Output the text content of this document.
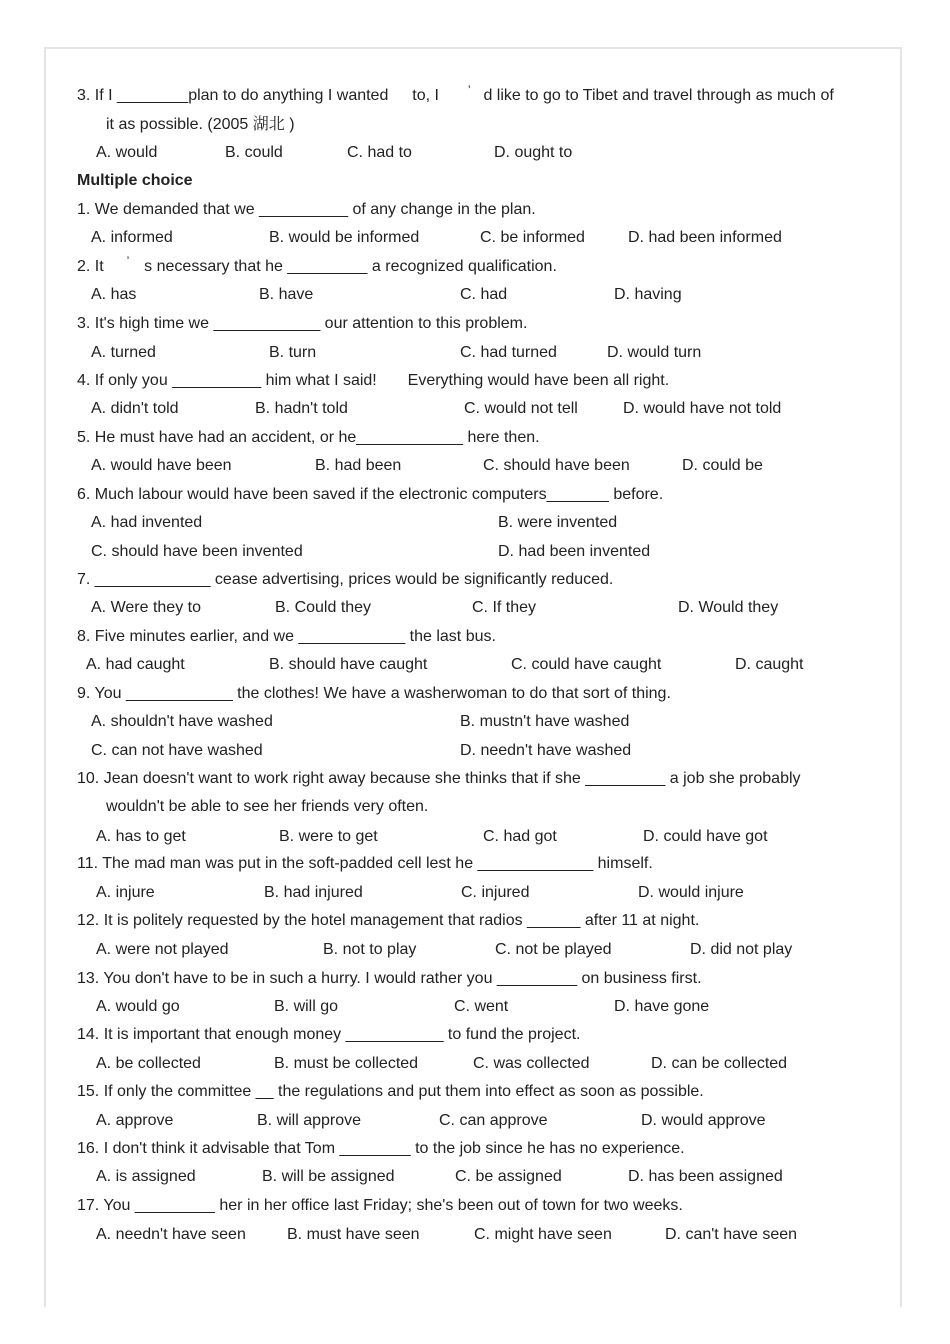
3. If I ________plan to do anything I wanted to, I ’ d like to go to Tibet and travel through as much of
it as possible. (2005 湖北 )
A. would	B. could	C. had to	D. ought to
Multiple choice
1. We demanded that we __________ of any change in the plan.
A. informed	B. would be informed	C. be informed	D. had been informed
2. It ’ s necessary that he _________ a recognized qualification.
A. has	B. have	C. had	D. having
3. It's high time we ____________ our attention to this problem.
A. turned	B. turn	C. had turned	D. would turn
4. If only you __________ him what I said! Everything would have been all right.
A. didn't told	B. hadn't told	C. would not tell	D. would have not told
5. He must have had an accident, or he____________ here then.
A. would have been	B. had been	C. should have been	D. could be
6. Much labour would have been saved if the electronic computers_______ before.
A. had invented	B. were invented
C. should have been invented	D. had been invented
7. _____________ cease advertising, prices would be significantly reduced.
A. Were they to	B. Could they	C. If they	D. Would they
8. Five minutes earlier, and we ____________ the last bus.
A. had caught	B. should have caught	C. could have caught	D. caught
9. You ____________ the clothes! We have a washerwoman to do that sort of thing.
A. shouldn't have washed	B. mustn't have washed
C. can not have washed	D. needn't have washed
10. Jean doesn't want to work right away because she thinks that if she _________ a job she probably
wouldn't be able to see her friends very often.
A. has to get	B. were to get	C. had got	D. could have got
11. The mad man was put in the soft-padded cell lest he _____________ himself.
A. injure	B. had injured	C. injured	D. would injure
12. It is politely requested by the hotel management that radios ______ after 11 at night.
A. were not played	B. not to play	C. not be played	D. did not play
13. You don't have to be in such a hurry. I would rather you _________ on business first.
A. would go	B. will go	C. went	D. have gone
14. It is important that enough money ___________ to fund the project.
A. be collected	B. must be collected	C. was collected	D. can be collected
15. If only the committee __ the regulations and put them into effect as soon as possible.
A. approve	B. will approve	C. can approve	D. would approve
16. I don't think it advisable that Tom ________ to the job since he has no experience.
A. is assigned	B. will be assigned	C. be assigned	D. has been assigned
17. You _________ her in her office last Friday; she's been out of town for two weeks.
A. needn't have seen	B. must have seen	C. might have seen	D. can't have seen
